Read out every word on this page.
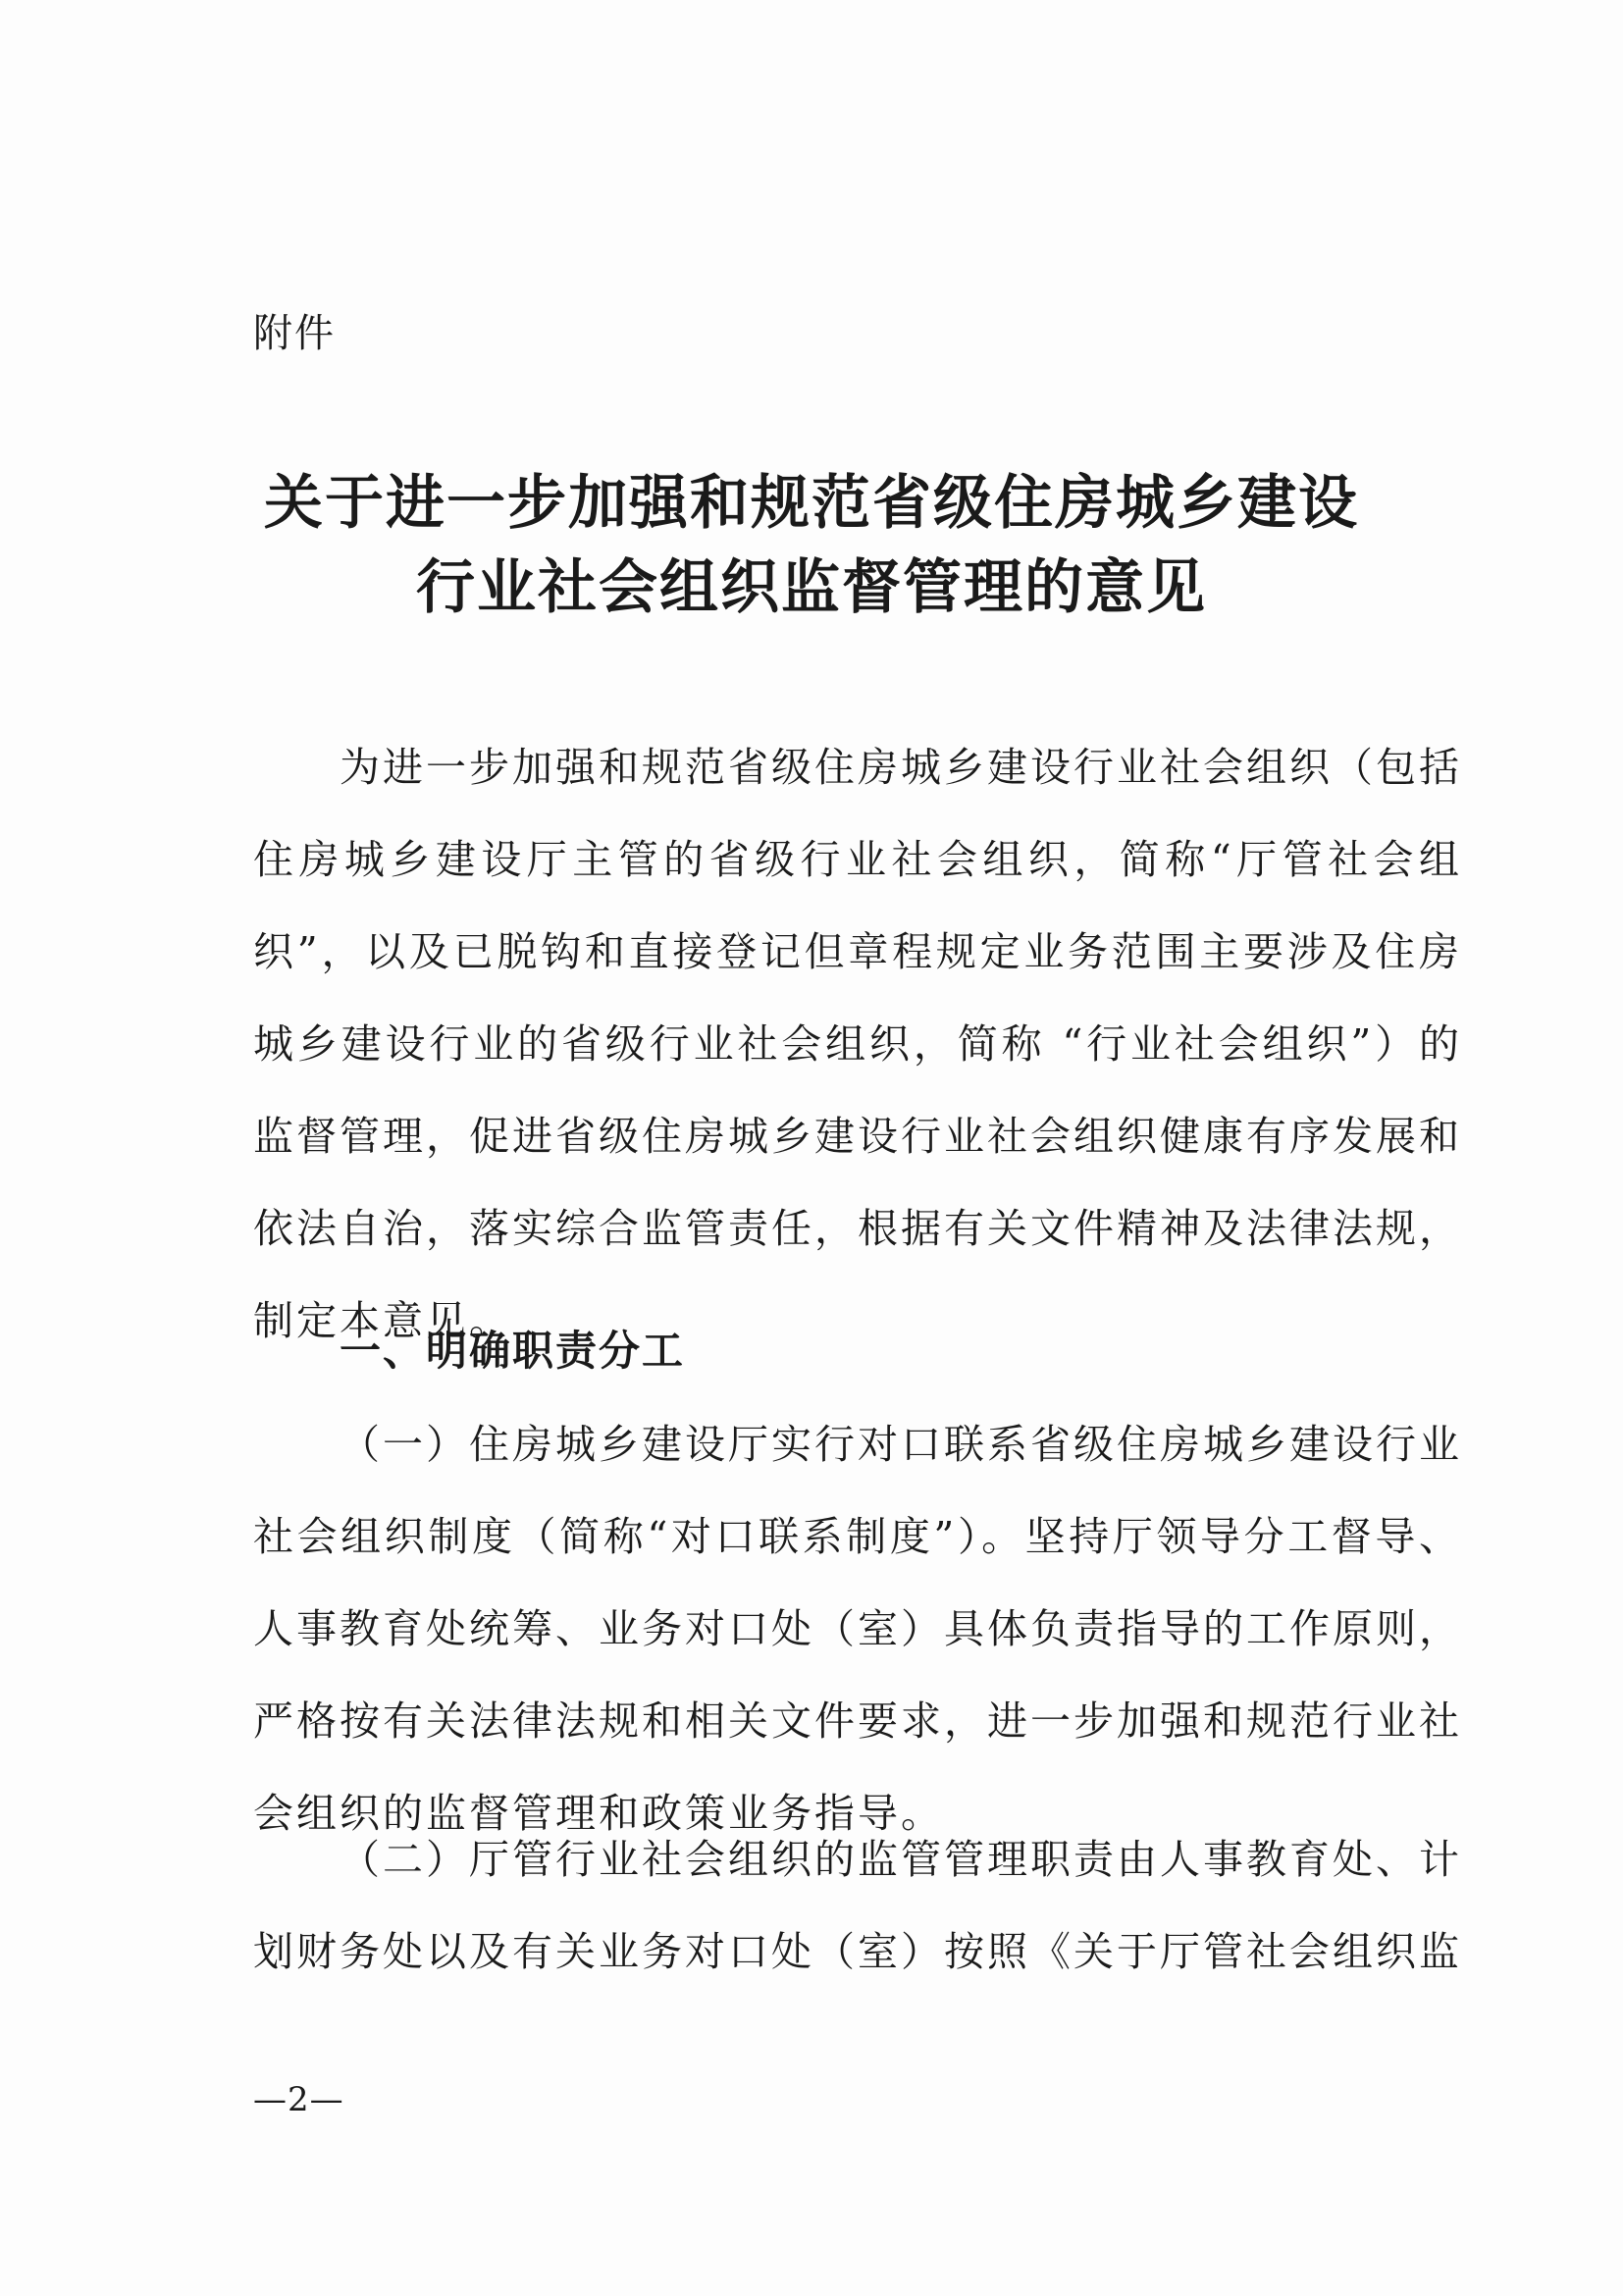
附件
关于进一步加强和规范省级住房城乡建设
行业社会组织监督管理的意见

为进一步加强和规范省级住房城乡建设行业社会组织（包括住房城乡建设厅主管的省级行业社会组织，简称“厅管社会组织”，以及已脱钩和直接登记但章程规定业务范围主要涉及住房城乡建设行业的省级行业社会组织，简称 “行业社会组织”）的监督管理，促进省级住房城乡建设行业社会组织健康有序发展和依法自治，落实综合监管责任，根据有关文件精神及法律法规，制定本意见。

一、明确职责分工

（一）住房城乡建设厅实行对口联系省级住房城乡建设行业社会组织制度（简称“对口联系制度”）。坚持厅领导分工督导、人事教育处统筹、业务对口处（室）具体负责指导的工作原则，严格按有关法律法规和相关文件要求，进一步加强和规范行业社会组织的监督管理和政策业务指导。

（二）厅管行业社会组织的监管管理职责由人事教育处、计划财务处以及有关业务对口处（室）按照《关于厅管社会组织监

—2—
